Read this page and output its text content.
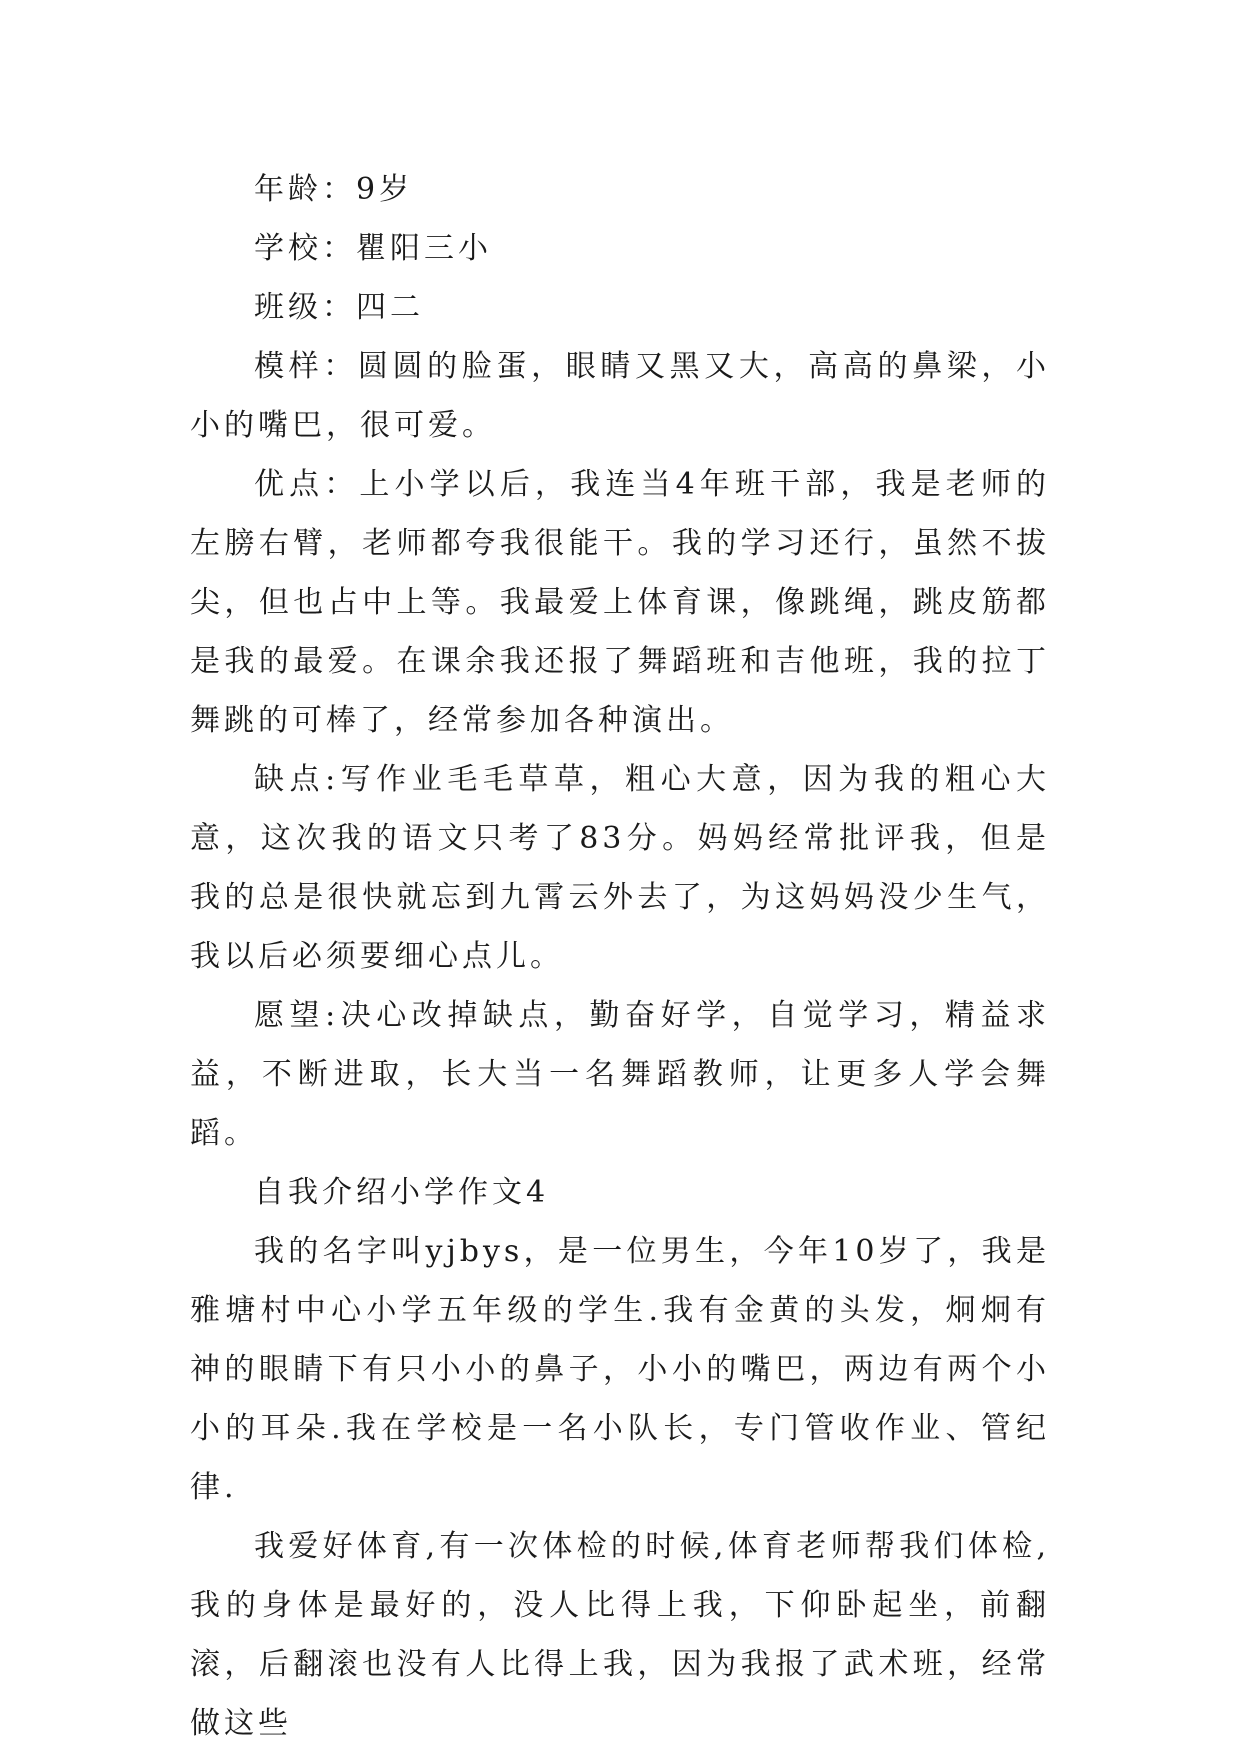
年龄：9岁

学校：瞿阳三小

班级：四二

模样：圆圆的脸蛋，眼睛又黑又大，高高的鼻梁，小小的嘴巴，很可爱。

优点：上小学以后，我连当4年班干部，我是老师的左膀右臂，老师都夸我很能干。我的学习还行，虽然不拔尖，但也占中上等。我最爱上体育课，像跳绳，跳皮筋都是我的最爱。在课余我还报了舞蹈班和吉他班，我的拉丁舞跳的可棒了，经常参加各种演出。

缺点:写作业毛毛草草，粗心大意，因为我的粗心大意，这次我的语文只考了83分。妈妈经常批评我，但是我的总是很快就忘到九霄云外去了，为这妈妈没少生气，我以后必须要细心点儿。

愿望:决心改掉缺点，勤奋好学，自觉学习，精益求益，不断进取，长大当一名舞蹈教师，让更多人学会舞蹈。

自我介绍小学作文4

我的名字叫yjbys，是一位男生，今年10岁了，我是雅塘村中心小学五年级的学生.我有金黄的头发，炯炯有神的眼睛下有只小小的鼻子，小小的嘴巴，两边有两个小小的耳朵.我在学校是一名小队长，专门管收作业、管纪律.

我爱好体育,有一次体检的时候,体育老师帮我们体检,我的身体是最好的，没人比得上我，下仰卧起坐，前翻滚，后翻滚也没有人比得上我，因为我报了武术班，经常做这些
